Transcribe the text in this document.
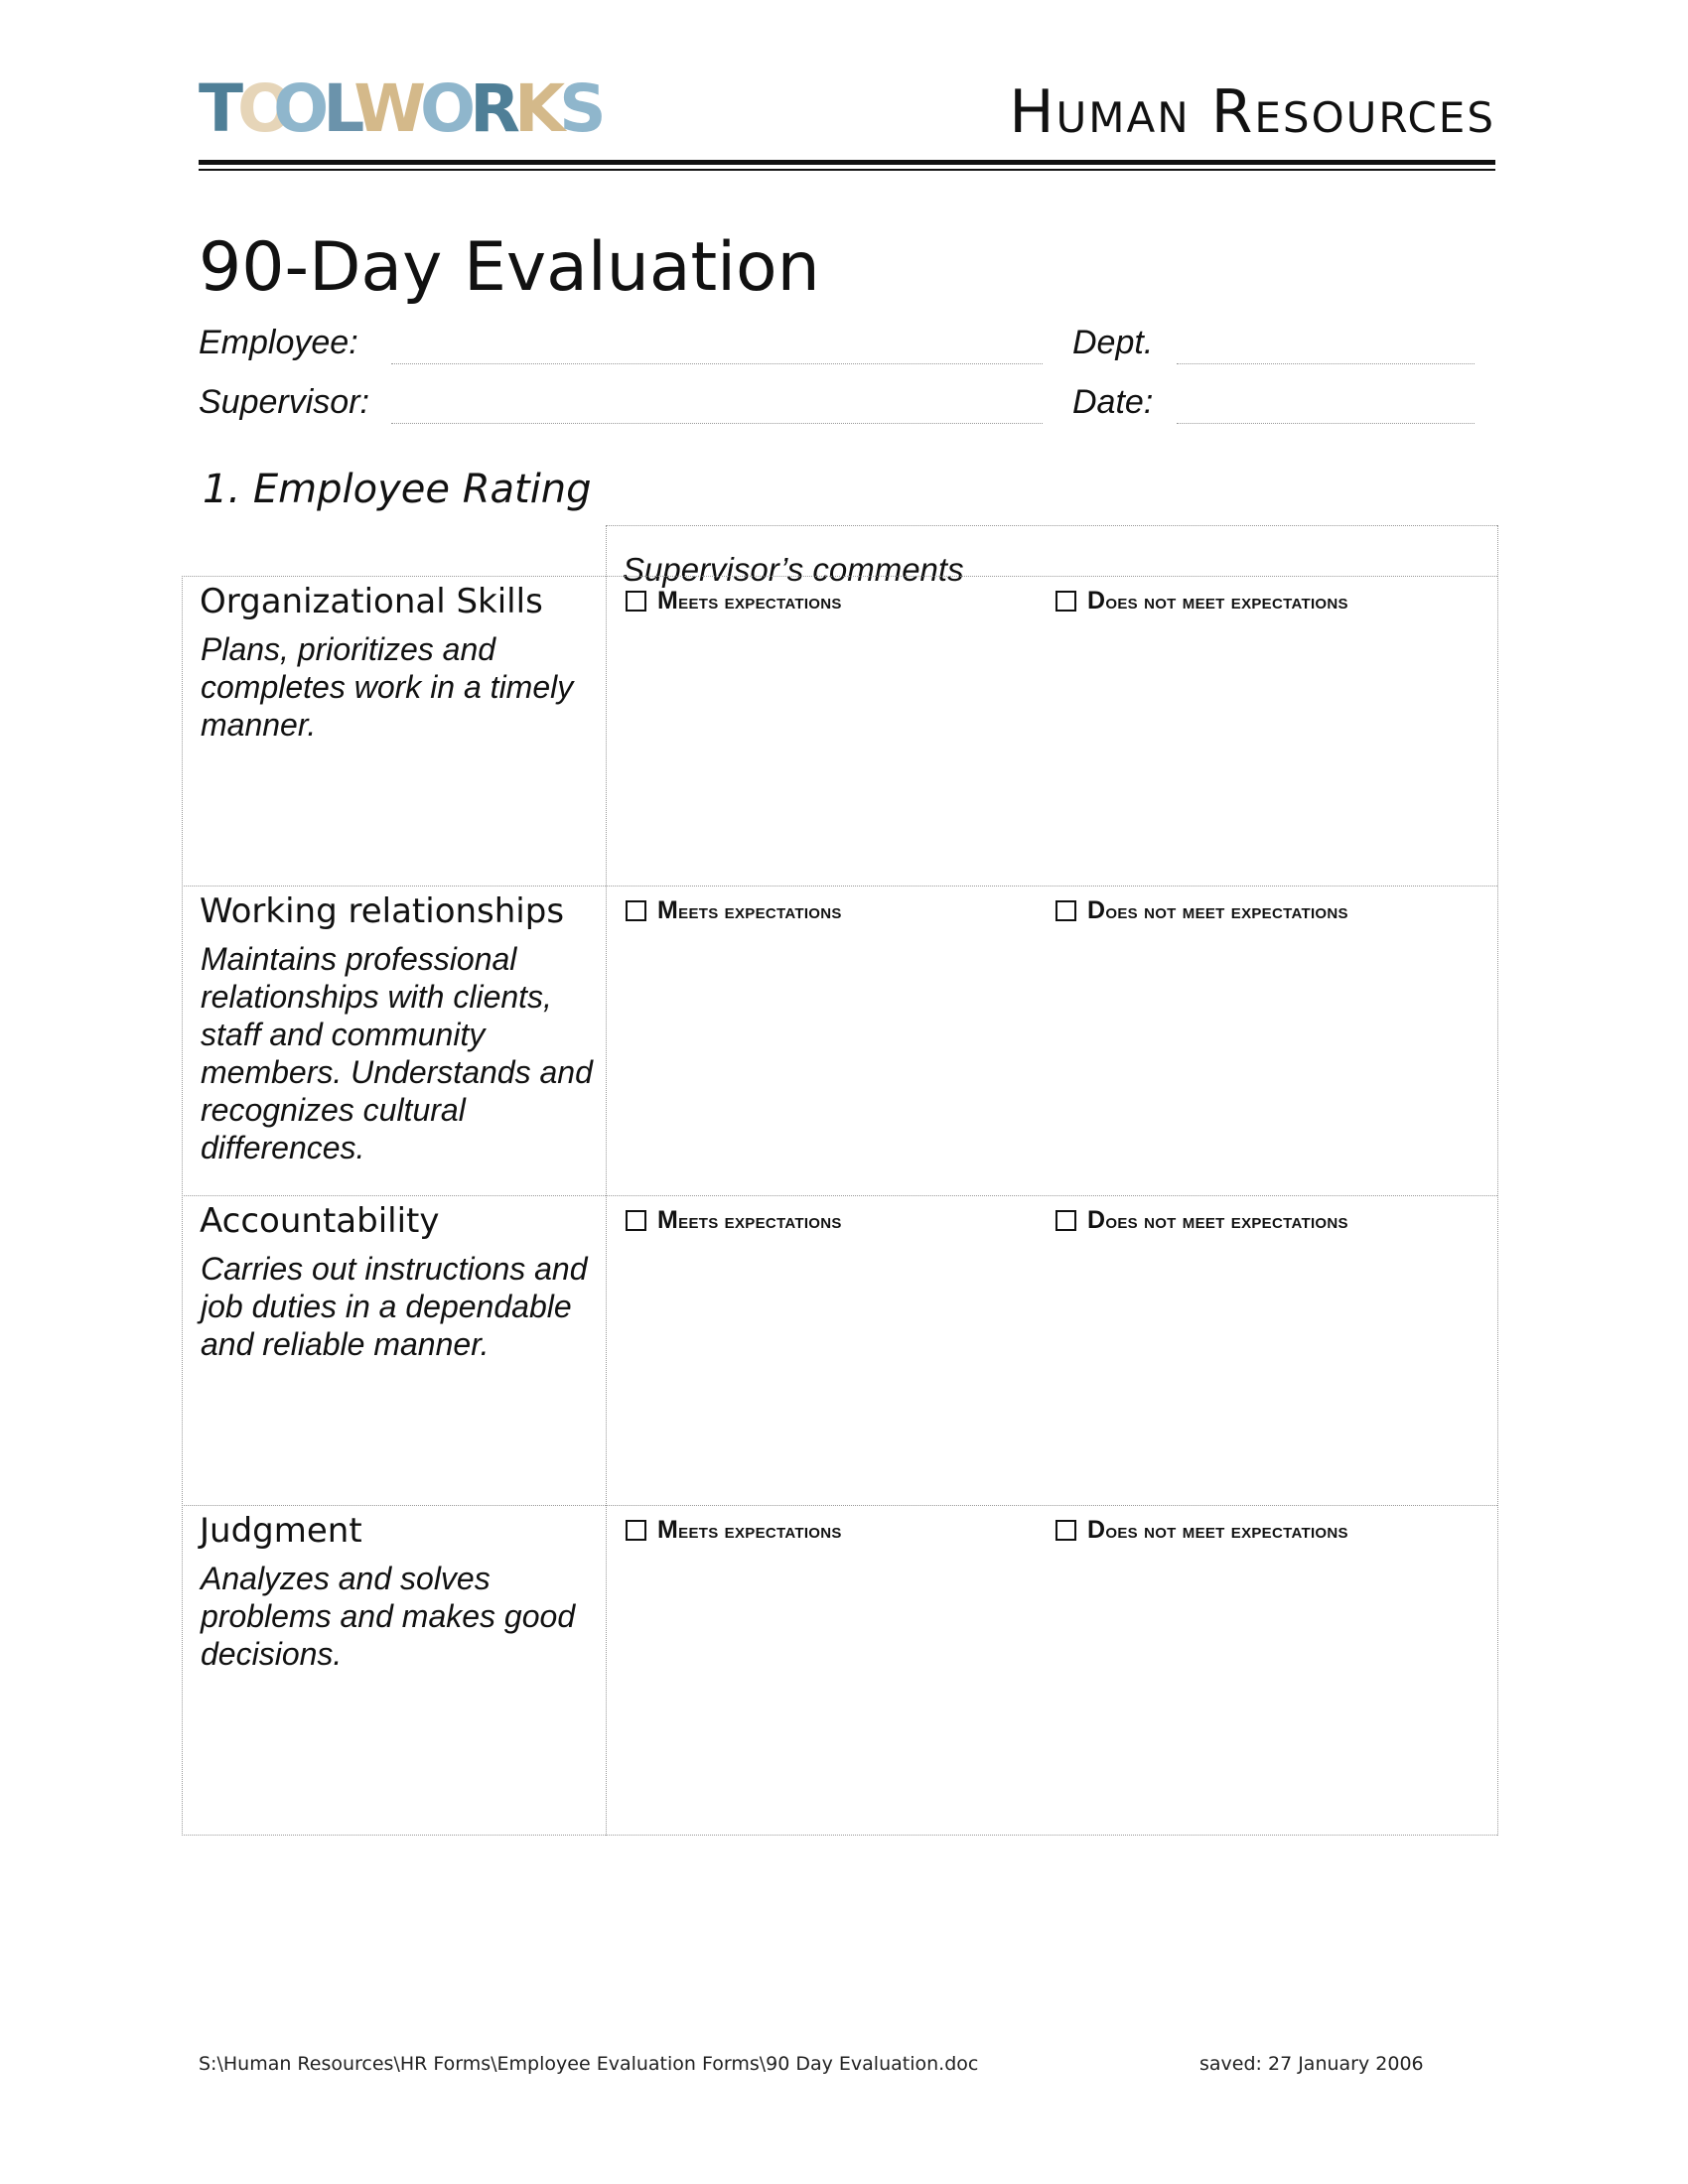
TOOLWORKS	Human Resources
90-Day Evaluation
Employee:	Dept.
Supervisor:	Date:
1. Employee Rating
Supervisor’s comments
Organizational Skills
Plans, prioritizes and completes work in a timely manner.
Meets expectations	Does not meet expectations
Working relationships
Maintains professional relationships with clients, staff and community members. Understands and recognizes cultural differences.
Meets expectations	Does not meet expectations
Accountability
Carries out instructions and job duties in a dependable and reliable manner.
Meets expectations	Does not meet expectations
Judgment
Analyzes and solves problems and makes good decisions.
Meets expectations	Does not meet expectations
S:\Human Resources\HR Forms\Employee Evaluation Forms\90 Day Evaluation.doc	saved: 27 January 2006
